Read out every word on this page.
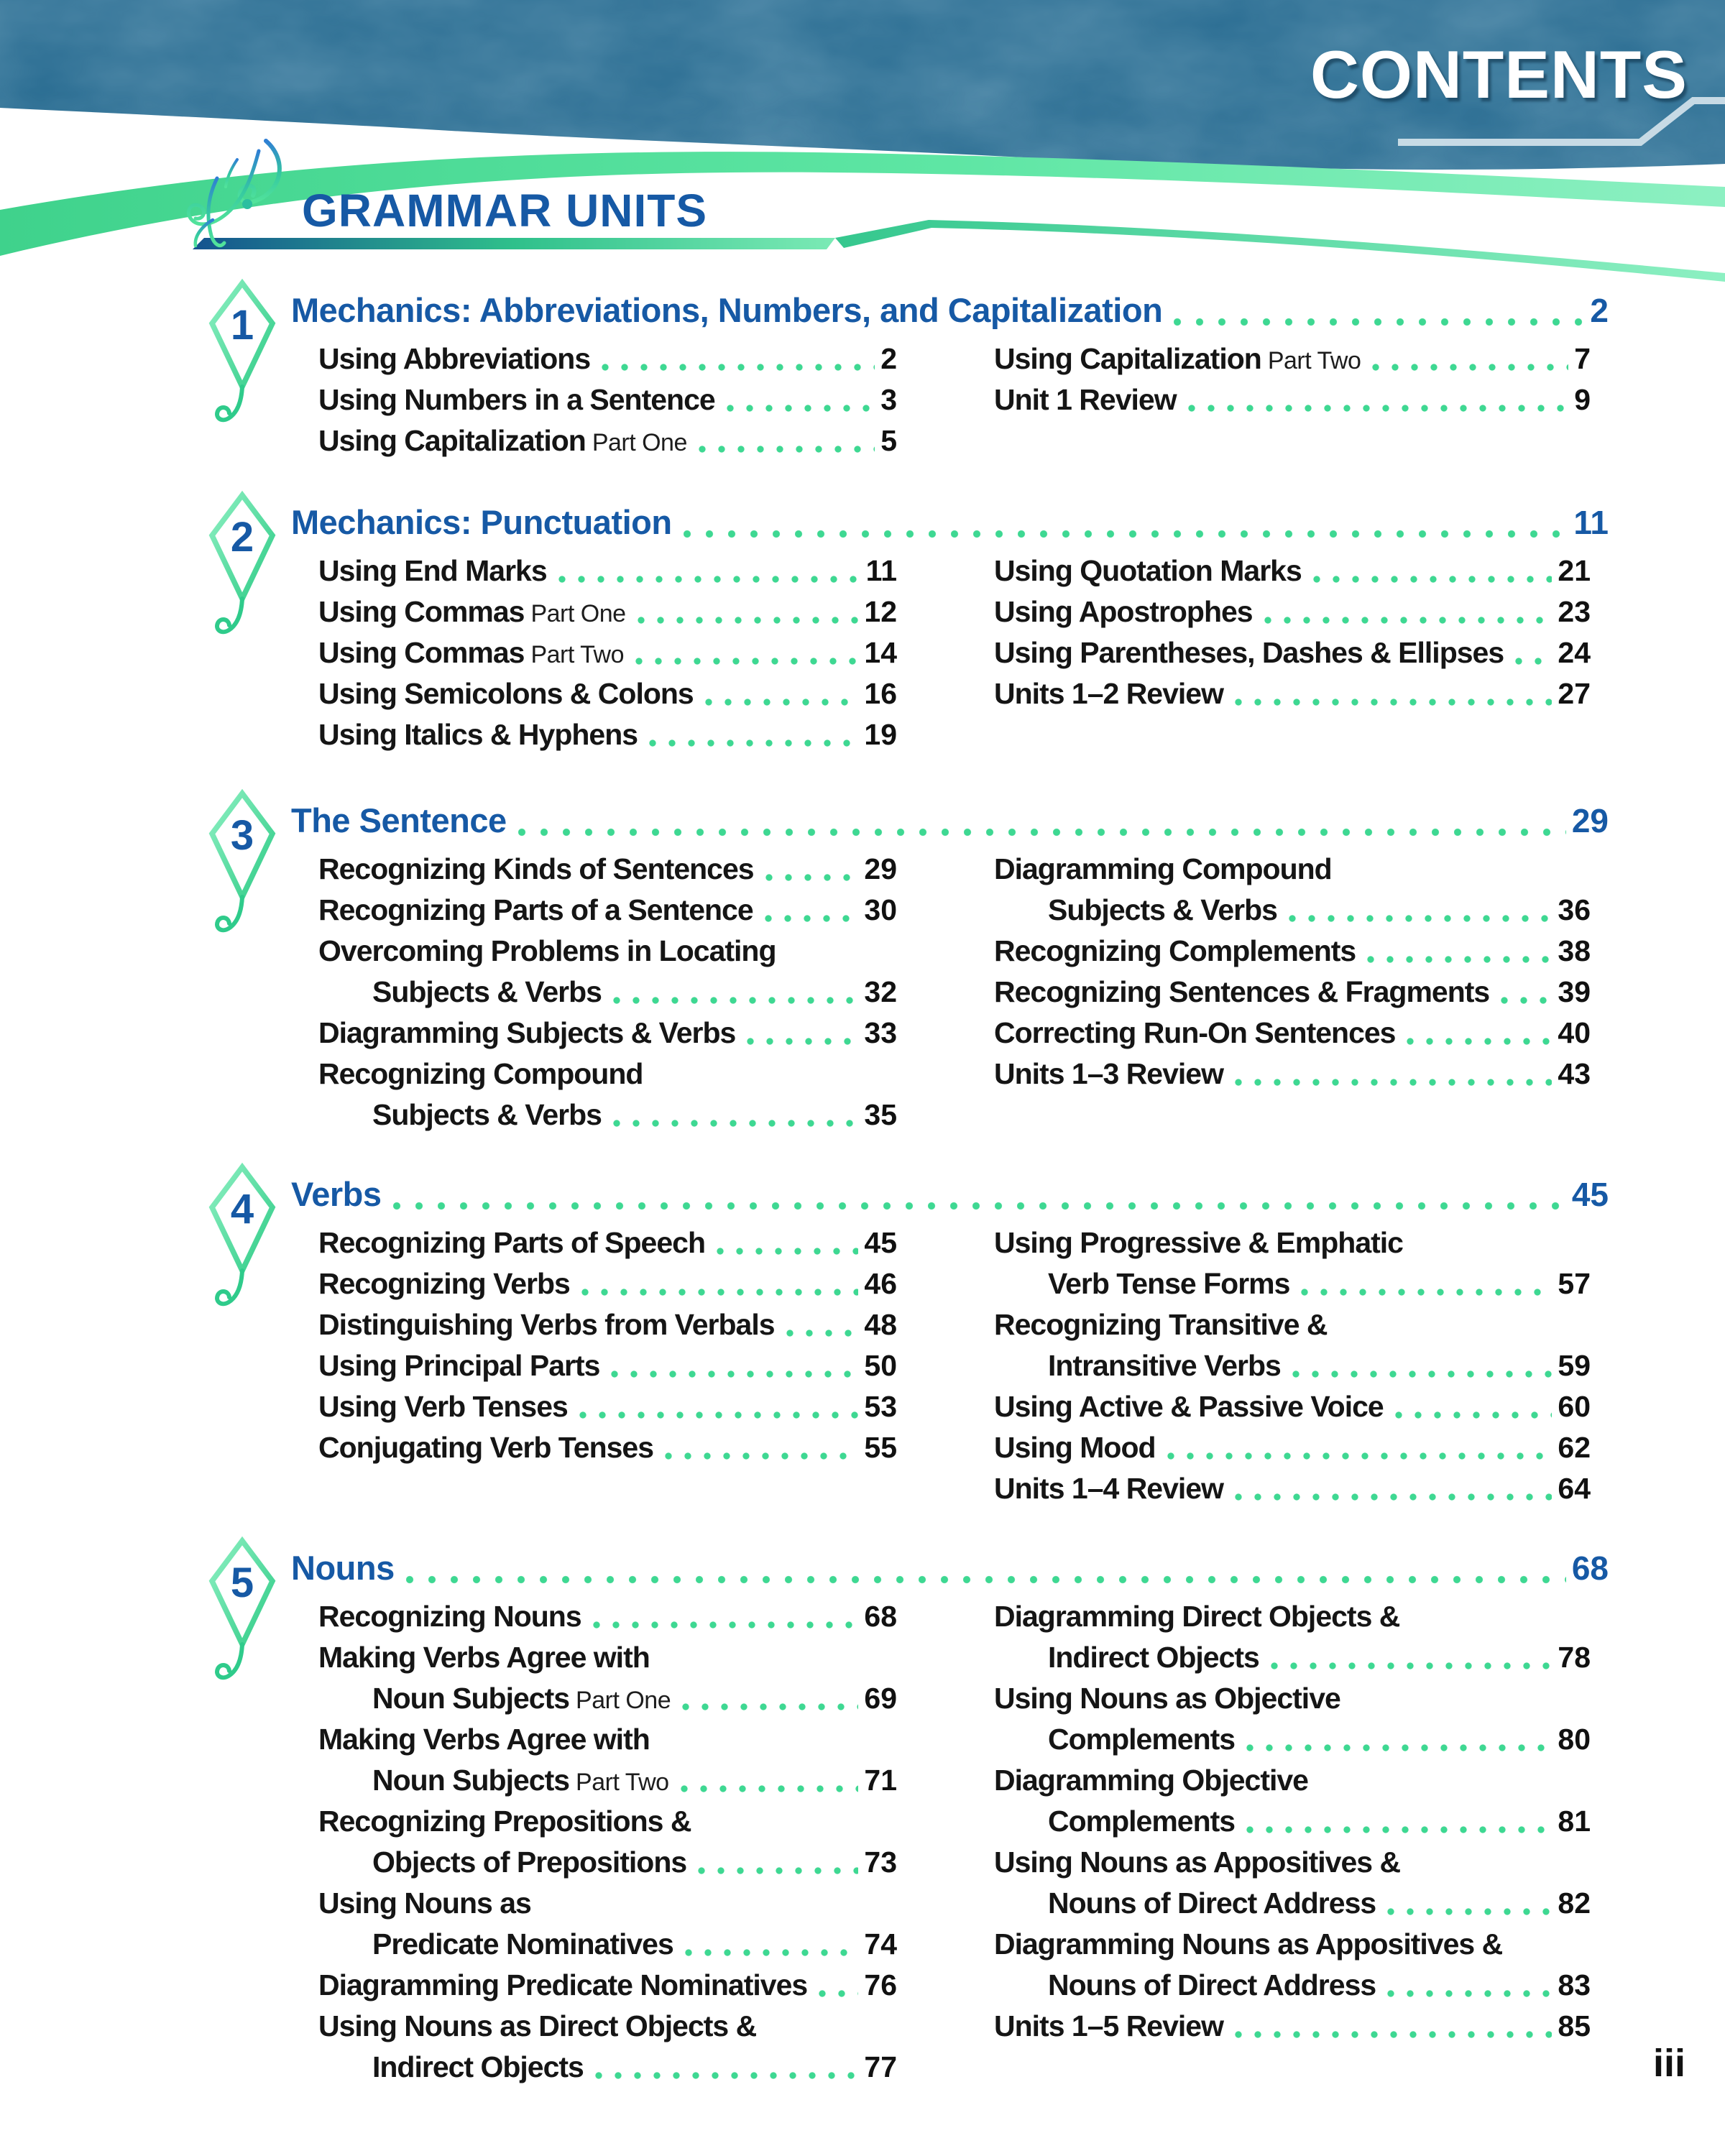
CONTENTS
GRAMMAR UNITS
1 Mechanics: Abbreviations, Numbers, and Capitalization	2
Using Abbreviations	2
Using Numbers in a Sentence	3
Using Capitalization Part One	5
Using Capitalization Part Two	7
Unit 1 Review	9
2 Mechanics: Punctuation	11
Using End Marks	11
Using Commas Part One	12
Using Commas Part Two	14
Using Semicolons & Colons	16
Using Italics & Hyphens	19
Using Quotation Marks	21
Using Apostrophes	23
Using Parentheses, Dashes & Ellipses 24
Units 1–2 Review	27
3 The Sentence	29
Recognizing Kinds of Sentences	29
Recognizing Parts of a Sentence	30
Overcoming Problems in Locating
Subjects & Verbs	32
Diagramming Subjects & Verbs	33
Recognizing Compound
Subjects & Verbs	35
Diagramming Compound
Subjects & Verbs	36
Recognizing Complements	38
Recognizing Sentences & Fragments 39
Correcting Run-On Sentences	40
Units 1–3 Review	43
4 Verbs	45
Recognizing Parts of Speech	45
Recognizing Verbs	46
Distinguishing Verbs from Verbals	48
Using Principal Parts	50
Using Verb Tenses	53
Conjugating Verb Tenses	55
Using Progressive & Emphatic
Verb Tense Forms	57
Recognizing Transitive &
Intransitive Verbs	59
Using Active & Passive Voice	60
Using Mood	62
Units 1–4 Review	64
5 Nouns	68
Recognizing Nouns	68
Making Verbs Agree with
Noun Subjects Part One	69
Making Verbs Agree with
Noun Subjects Part Two	71
Recognizing Prepositions &
Objects of Prepositions	73
Using Nouns as
Predicate Nominatives	74
Diagramming Predicate Nominatives 76
Using Nouns as Direct Objects &
Indirect Objects	77
Diagramming Direct Objects &
Indirect Objects	78
Using Nouns as Objective
Complements	80
Diagramming Objective
Complements	81
Using Nouns as Appositives &
Nouns of Direct Address	82
Diagramming Nouns as Appositives &
Nouns of Direct Address	83
Units 1–5 Review	85
iii
